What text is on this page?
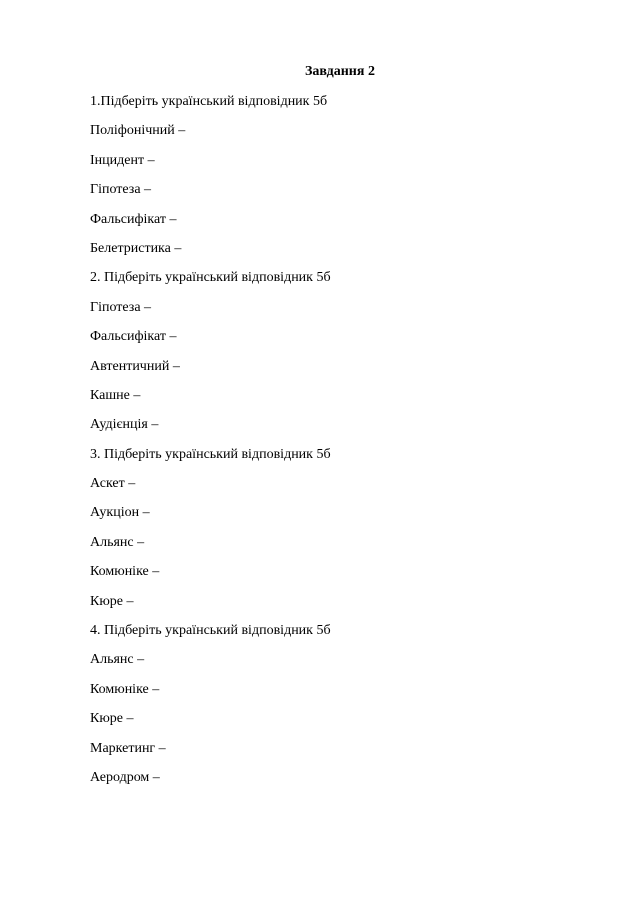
Завдання 2

1.Підберіть український відповідник 5б

Поліфонічний –

Інцидент –

Гіпотеза –

Фальсифікат –

Белетристика –

2. Підберіть український відповідник 5б

Гіпотеза –

Фальсифікат –

Автентичний –

Кашне –

Аудієнція –

3. Підберіть український відповідник 5б

Аскет –

Аукціон –

Альянс –

Комюніке –

Кюре –

4. Підберіть український відповідник 5б

Альянс –

Комюніке –

Кюре –

Маркетинг –

Аеродром –
